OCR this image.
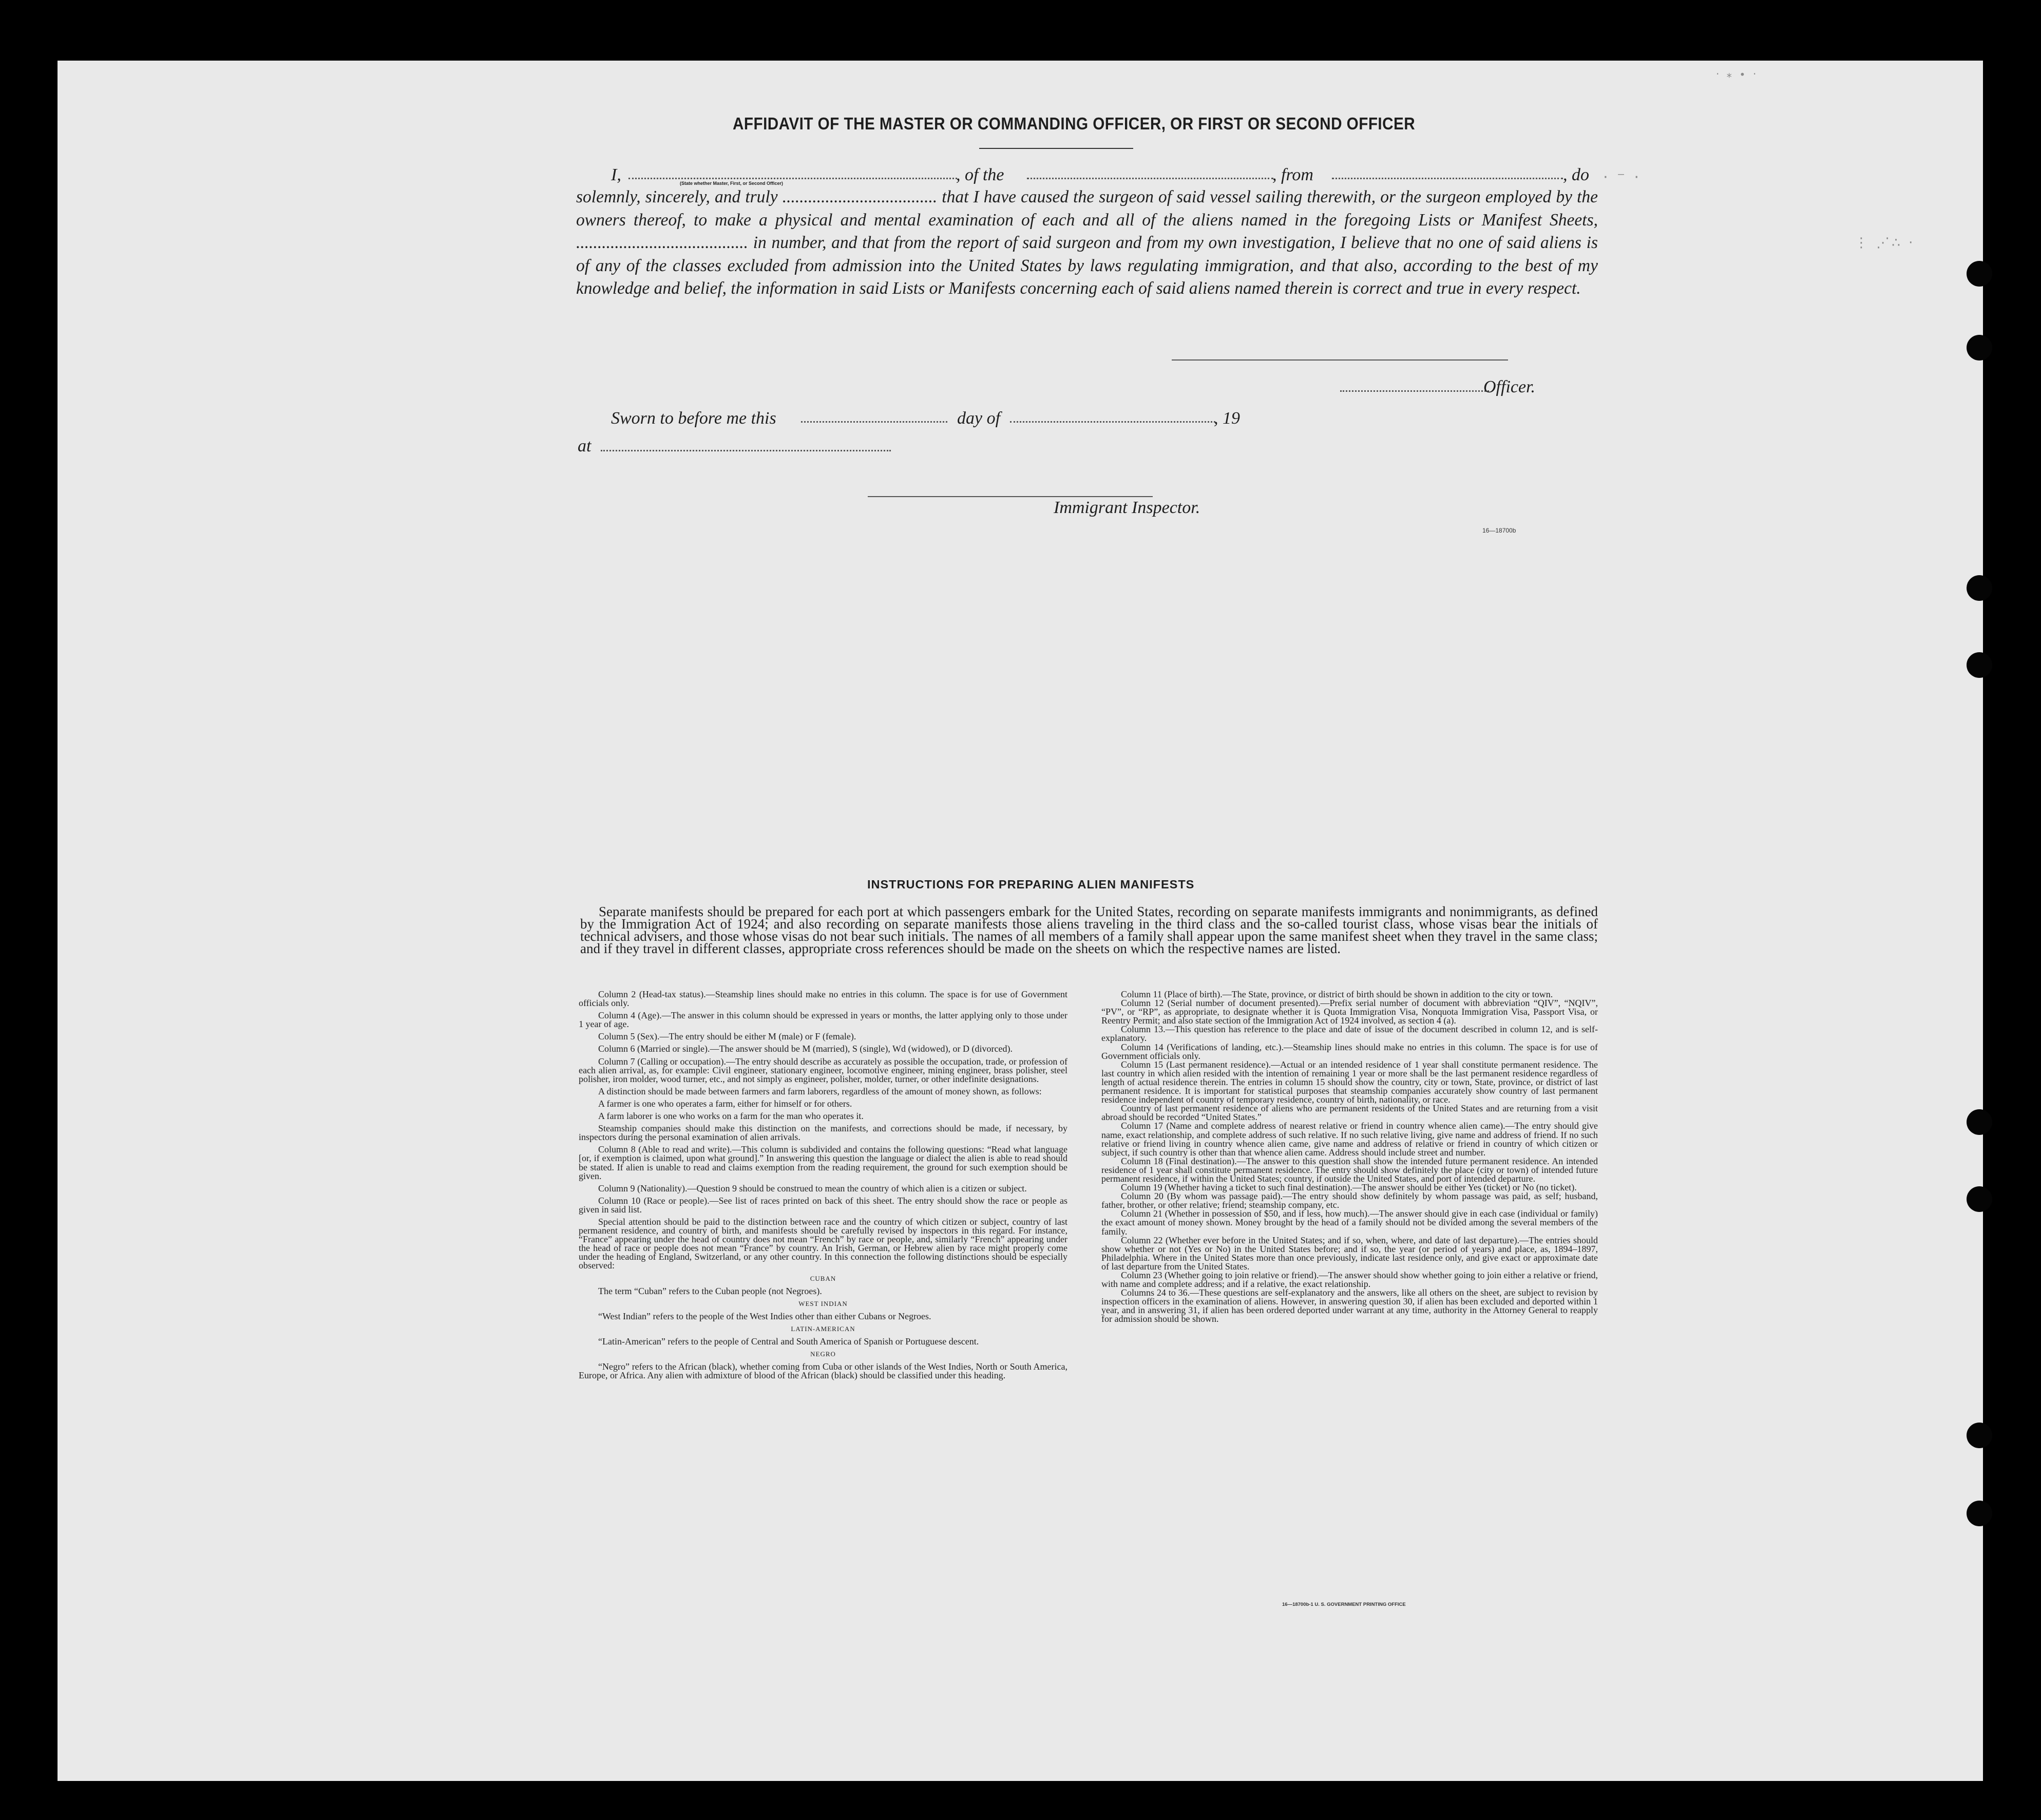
⋅ ⁻ ·
⋮ ⋰∴ ·
· ⁎ ∙ ·
AFFIDAVIT OF THE MASTER OR COMMANDING OFFICER, OR FIRST OR SECOND OFFICER
I,	, of the	, from	, do
(State whether Master, First, or Second Officer)
solemnly, sincerely, and truly .................................... that I have caused the surgeon of said vessel sailing therewith, or the surgeon employed by the owners thereof, to make a physical and mental examination of each and all of the aliens named in the foregoing Lists or Manifest Sheets, ........................................ in number, and that from the report of said surgeon and from my own investigation, I believe that no one of said aliens is of any of the classes excluded from admission into the United States by laws regulating immigration, and that also, according to the best of my knowledge and belief, the information in said Lists or Manifests concerning each of said aliens named therein is correct and true in every respect.
Officer.
Sworn to before me this	day of	, 19
at
Immigrant Inspector.
16—18700b
INSTRUCTIONS FOR PREPARING ALIEN MANIFESTS
Separate manifests should be prepared for each port at which passengers embark for the United States, recording on separate manifests immigrants and nonimmigrants, as defined by the Immigration Act of 1924; and also recording on separate manifests those aliens traveling in the third class and the so-called tourist class, whose visas bear the initials of technical advisers, and those whose visas do not bear such initials. The names of all members of a family shall appear upon the same manifest sheet when they travel in the same class; and if they travel in different classes, appropriate cross references should be made on the sheets on which the respective names are listed.

Column 2 (Head-tax status).—Steamship lines should make no entries in this column. The space is for use of Government officials only.

Column 4 (Age).—The answer in this column should be expressed in years or months, the latter applying only to those under 1 year of age.

Column 5 (Sex).—The entry should be either M (male) or F (female).

Column 6 (Married or single).—The answer should be M (married), S (single), Wd (widowed), or D (divorced).

Column 7 (Calling or occupation).—The entry should describe as accurately as possible the occupation, trade, or profession of each alien arrival, as, for example: Civil engineer, stationary engineer, locomotive engineer, mining engineer, brass polisher, steel polisher, iron molder, wood turner, etc., and not simply as engineer, polisher, molder, turner, or other indefinite designations.

A distinction should be made between farmers and farm laborers, regardless of the amount of money shown, as follows:

A farmer is one who operates a farm, either for himself or for others.

A farm laborer is one who works on a farm for the man who operates it.

Steamship companies should make this distinction on the manifests, and corrections should be made, if necessary, by inspectors during the personal examination of alien arrivals.

Column 8 (Able to read and write).—This column is subdivided and contains the following questions: “Read what language [or, if exemption is claimed, upon what ground].” In answering this question the language or dialect the alien is able to read should be stated. If alien is unable to read and claims exemption from the reading requirement, the ground for such exemption should be given.

Column 9 (Nationality).—Question 9 should be construed to mean the country of which alien is a citizen or subject.

Column 10 (Race or people).—See list of races printed on back of this sheet. The entry should show the race or people as given in said list.

Special attention should be paid to the distinction between race and the country of which citizen or subject, country of last permanent residence, and country of birth, and manifests should be carefully revised by inspectors in this regard. For instance, “France” appearing under the head of country does not mean “French” by race or people, and, similarly “French” appearing under the head of race or people does not mean “France” by country. An Irish, German, or Hebrew alien by race might properly come under the heading of England, Switzerland, or any other country. In this connection the following distinctions should be especially observed:

CUBAN

The term “Cuban” refers to the Cuban people (not Negroes).

WEST INDIAN

“West Indian” refers to the people of the West Indies other than either Cubans or Negroes.

LATIN-AMERICAN

“Latin-American” refers to the people of Central and South America of Spanish or Portuguese descent.

NEGRO

“Negro” refers to the African (black), whether coming from Cuba or other islands of the West Indies, North or South America, Europe, or Africa. Any alien with admixture of blood of the African (black) should be classified under this heading.

Column 11 (Place of birth).—The State, province, or district of birth should be shown in addition to the city or town.

Column 12 (Serial number of document presented).—Prefix serial number of document with abbreviation “QIV”, “NQIV”, “PV”, or “RP”, as appropriate, to designate whether it is Quota Immigration Visa, Nonquota Immigration Visa, Passport Visa, or Reentry Permit; and also state section of the Immigration Act of 1924 involved, as section 4 (a).

Column 13.—This question has reference to the place and date of issue of the document described in column 12, and is self-explanatory.

Column 14 (Verifications of landing, etc.).—Steamship lines should make no entries in this column. The space is for use of Government officials only.

Column 15 (Last permanent residence).—Actual or an intended residence of 1 year shall constitute permanent residence. The last country in which alien resided with the intention of remaining 1 year or more shall be the last permanent residence regardless of length of actual residence therein. The entries in column 15 should show the country, city or town, State, province, or district of last permanent residence. It is important for statistical purposes that steamship companies accurately show country of last permanent residence independent of country of temporary residence, country of birth, nationality, or race.

Country of last permanent residence of aliens who are permanent residents of the United States and are returning from a visit abroad should be recorded “United States.”

Column 17 (Name and complete address of nearest relative or friend in country whence alien came).—The entry should give name, exact relationship, and complete address of such relative. If no such relative living, give name and address of friend. If no such relative or friend living in country whence alien came, give name and address of relative or friend in country of which citizen or subject, if such country is other than that whence alien came. Address should include street and number.

Column 18 (Final destination).—The answer to this question shall show the intended future permanent residence. An intended residence of 1 year shall constitute permanent residence. The entry should show definitely the place (city or town) of intended future permanent residence, if within the United States; country, if outside the United States, and port of intended departure.

Column 19 (Whether having a ticket to such final destination).—The answer should be either Yes (ticket) or No (no ticket).

Column 20 (By whom was passage paid).—The entry should show definitely by whom passage was paid, as self; husband, father, brother, or other relative; friend; steamship company, etc.

Column 21 (Whether in possession of $50, and if less, how much).—The answer should give in each case (individual or family) the exact amount of money shown. Money brought by the head of a family should not be divided among the several members of the family.

Column 22 (Whether ever before in the United States; and if so, when, where, and date of last departure).—The entries should show whether or not (Yes or No) in the United States before; and if so, the year (or period of years) and place, as, 1894–1897, Philadelphia. Where in the United States more than once previously, indicate last residence only, and give exact or approximate date of last departure from the United States.

Column 23 (Whether going to join relative or friend).—The answer should show whether going to join either a relative or friend, with name and complete address; and if a relative, the exact relationship.

Columns 24 to 36.—These questions are self-explanatory and the answers, like all others on the sheet, are subject to revision by inspection officers in the examination of aliens. However, in answering question 30, if alien has been excluded and deported within 1 year, and in answering 31, if alien has been ordered deported under warrant at any time, authority in the Attorney General to reapply for admission should be shown.

16—18700b-1 U. S. GOVERNMENT PRINTING OFFICE
